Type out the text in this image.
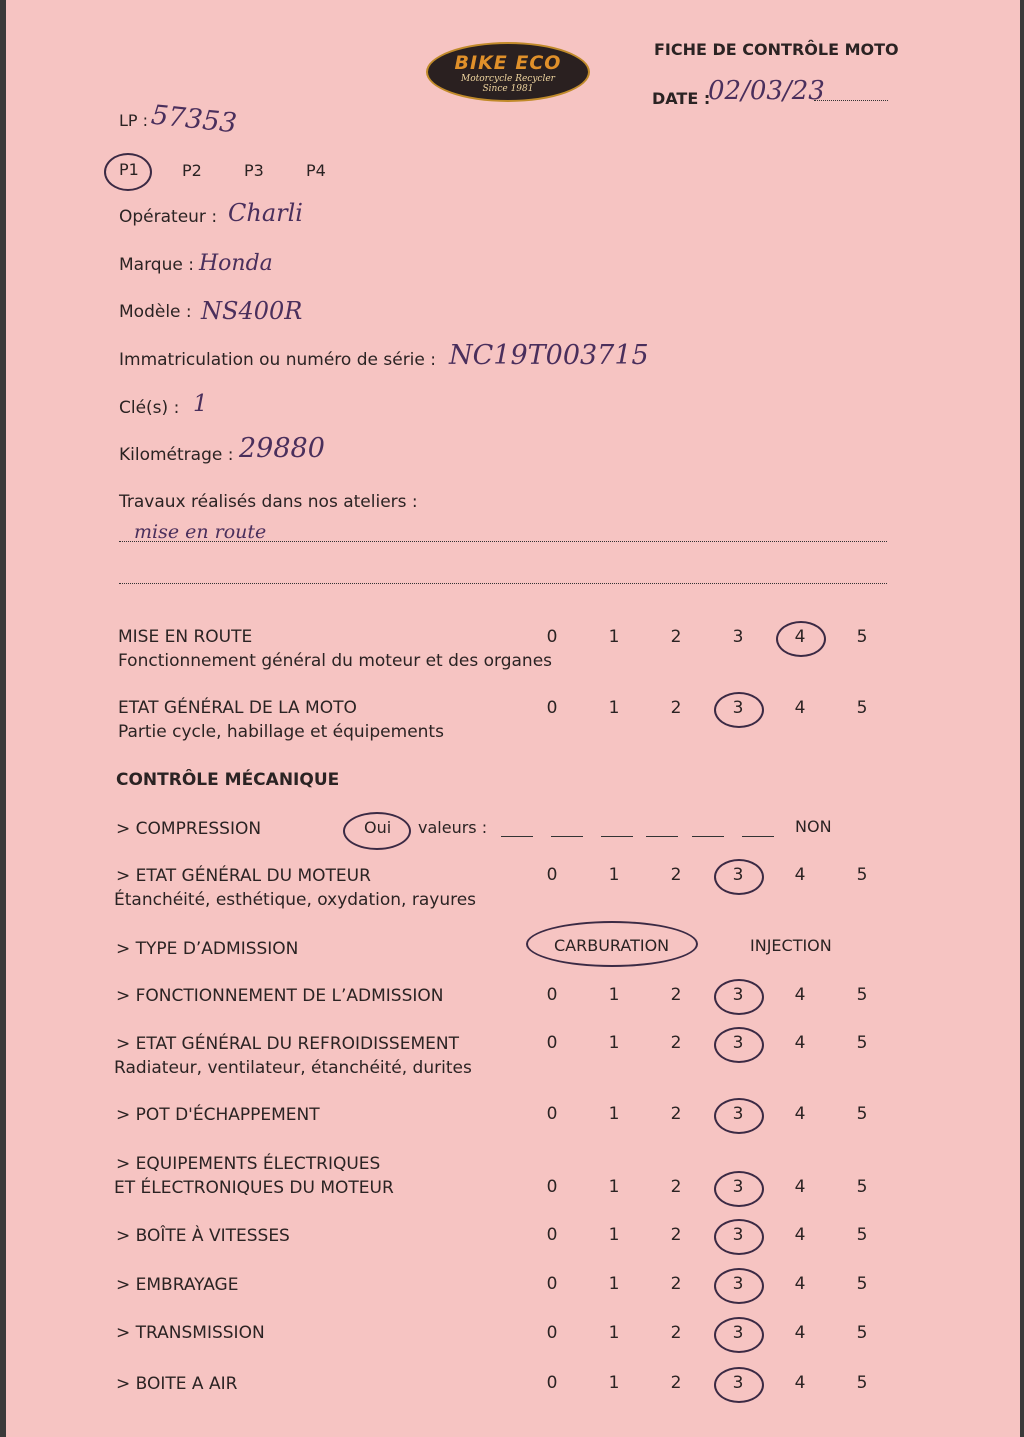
BIKE ECO
Motorcycle Recycler
Since 1981
FICHE DE CONTRÔLE MOTO
DATE :
02/03/23
LP : 57353
P1	P2	P3	P4
Opérateur : Charli
Marque : Honda
Modèle : NS400R
Immatriculation ou numéro de série : NC19T003715
Clé(s) : 1
Kilométrage : 29880
Travaux réalisés dans nos ateliers :
mise en route
CONTRÔLE MÉCANIQUE
> COMPRESSION	Oui valeurs :	NON
> TYPE D’ADMISSION	CARBURATION	INJECTION
MISE EN ROUTE
Fonctionnement général du moteur et des organes
0	1	2	3	4	5
ETAT GÉNÉRAL DE LA MOTO
Partie cycle, habillage et équipements
0	1	2	3	4	5
> ETAT GÉNÉRAL DU MOTEUR
Étanchéité, esthétique, oxydation, rayures
0	1	2	3	4	5
> FONCTIONNEMENT DE L’ADMISSION	0	1	2	3	4	5
> ETAT GÉNÉRAL DU REFROIDISSEMENT
Radiateur, ventilateur, étanchéité, durites
0	1	2	3	4	5
> POT D'ÉCHAPPEMENT	0	1	2	3	4	5
> EQUIPEMENTS ÉLECTRIQUES
ET ÉLECTRONIQUES DU MOTEUR	0	1	2	3	4	5
> BOÎTE À VITESSES	0	1	2	3	4	5
> EMBRAYAGE	0	1	2	3	4	5
> TRANSMISSION	0	1	2	3	4	5
> BOITE A AIR	0	1	2	3	4	5
